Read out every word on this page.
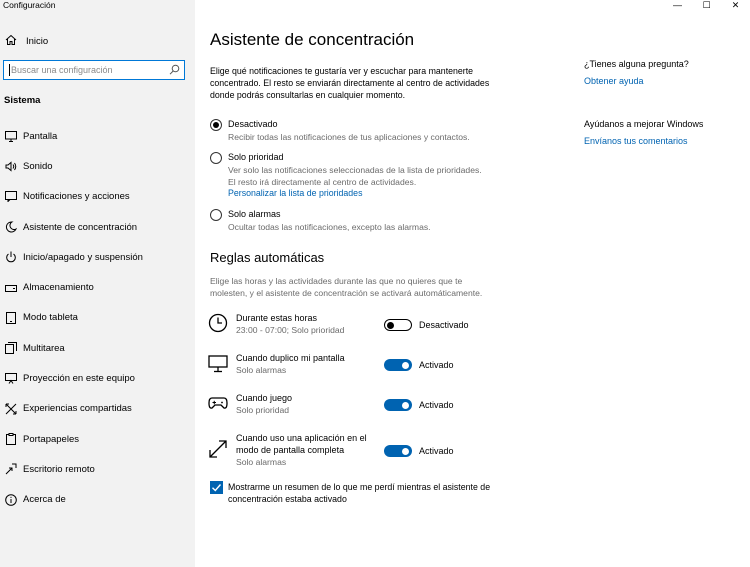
Configuración
Inicio
Buscar una configuración
Sistema
Pantalla
Sonido
Notificaciones y acciones
Asistente de concentración
Inicio/apagado y suspensión
Almacenamiento
Modo tableta
Multitarea
Proyección en este equipo
Experiencias compartidas
Portapapeles
Escritorio remoto
Acerca de
—	☐	✕
Asistente de concentración
Elige qué notificaciones te gustaría ver y escuchar para mantenerte concentrado. El resto se enviarán directamente al centro de actividades donde podrás consultarlas en cualquier momento.
Desactivado
Recibir todas las notificaciones de tus aplicaciones y contactos.
Solo prioridad
Ver solo las notificaciones seleccionadas de la lista de prioridades.
El resto irá directamente al centro de actividades.
Personalizar la lista de prioridades
Solo alarmas
Ocultar todas las notificaciones, excepto las alarmas.
Reglas automáticas
Elige las horas y las actividades durante las que no quieres que te molesten, y el asistente de concentración se activará automáticamente.
Durante estas horas
23:00 - 07:00; Solo prioridad	Desactivado
Cuando duplico mi pantalla
Solo alarmas	Activado
Cuando juego
Solo prioridad	Activado
Cuando uso una aplicación en el
modo de pantalla completa
Solo alarmas
Activado
Mostrarme un resumen de lo que me perdí mientras el asistente de concentración estaba activado
¿Tienes alguna pregunta?
Obtener ayuda
Ayúdanos a mejorar Windows
Envíanos tus comentarios
